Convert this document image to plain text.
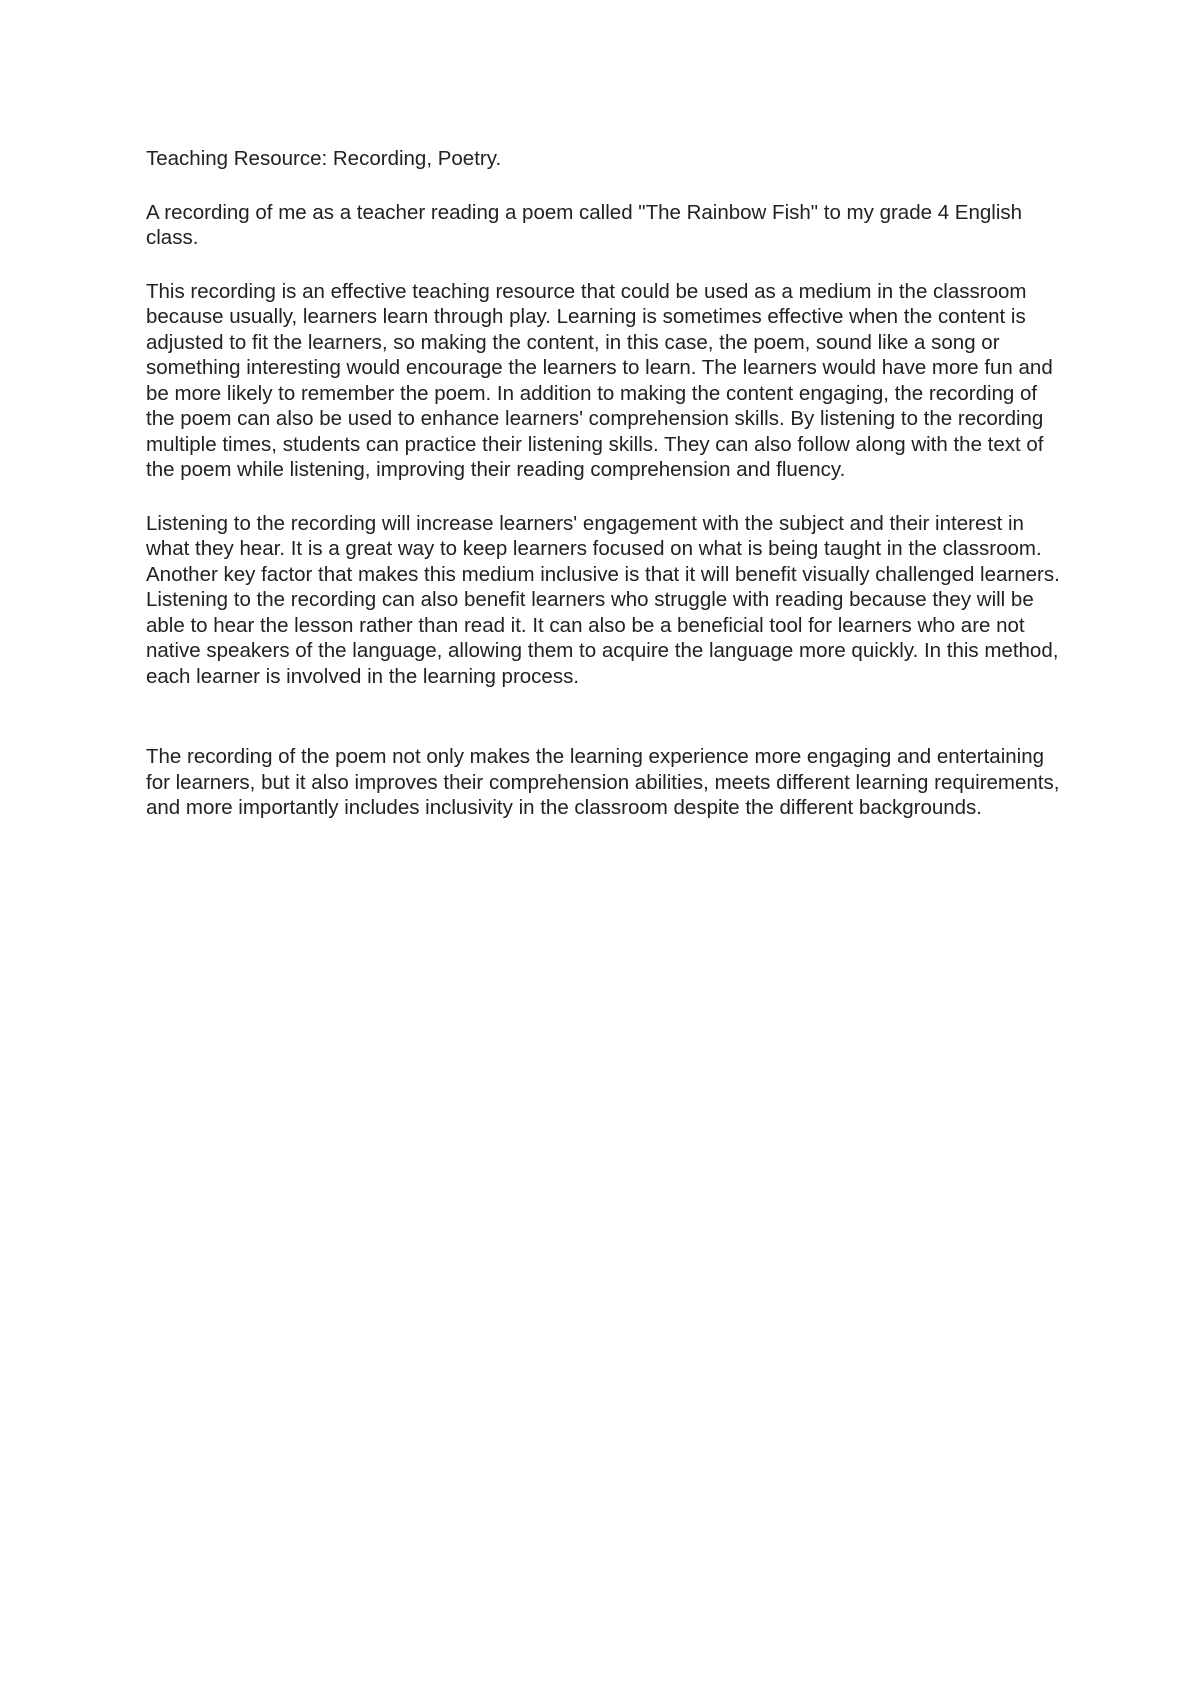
Teaching Resource: Recording, Poetry.

A recording of me as a teacher reading a poem called "The Rainbow Fish" to my grade 4 English class.

This recording is an effective teaching resource that could be used as a medium in the classroom because usually, learners learn through play. Learning is sometimes effective when the content is adjusted to fit the learners, so making the content, in this case, the poem, sound like a song or something interesting would encourage the learners to learn. The learners would have more fun and be more likely to remember the poem. In addition to making the content engaging, the recording of the poem can also be used to enhance learners' comprehension skills. By listening to the recording multiple times, students can practice their listening skills. They can also follow along with the text of the poem while listening, improving their reading comprehension and fluency.

Listening to the recording will increase learners' engagement with the subject and their interest in what they hear. It is a great way to keep learners focused on what is being taught in the classroom.

Another key factor that makes this medium inclusive is that it will benefit visually challenged learners. Listening to the recording can also benefit learners who struggle with reading because they will be able to hear the lesson rather than read it. It can also be a beneficial tool for learners who are not native speakers of the language, allowing them to acquire the language more quickly. In this method, each learner is involved in the learning process.

The recording of the poem not only makes the learning experience more engaging and entertaining for learners, but it also improves their comprehension abilities, meets different learning requirements, and more importantly includes inclusivity in the classroom despite the different backgrounds.
